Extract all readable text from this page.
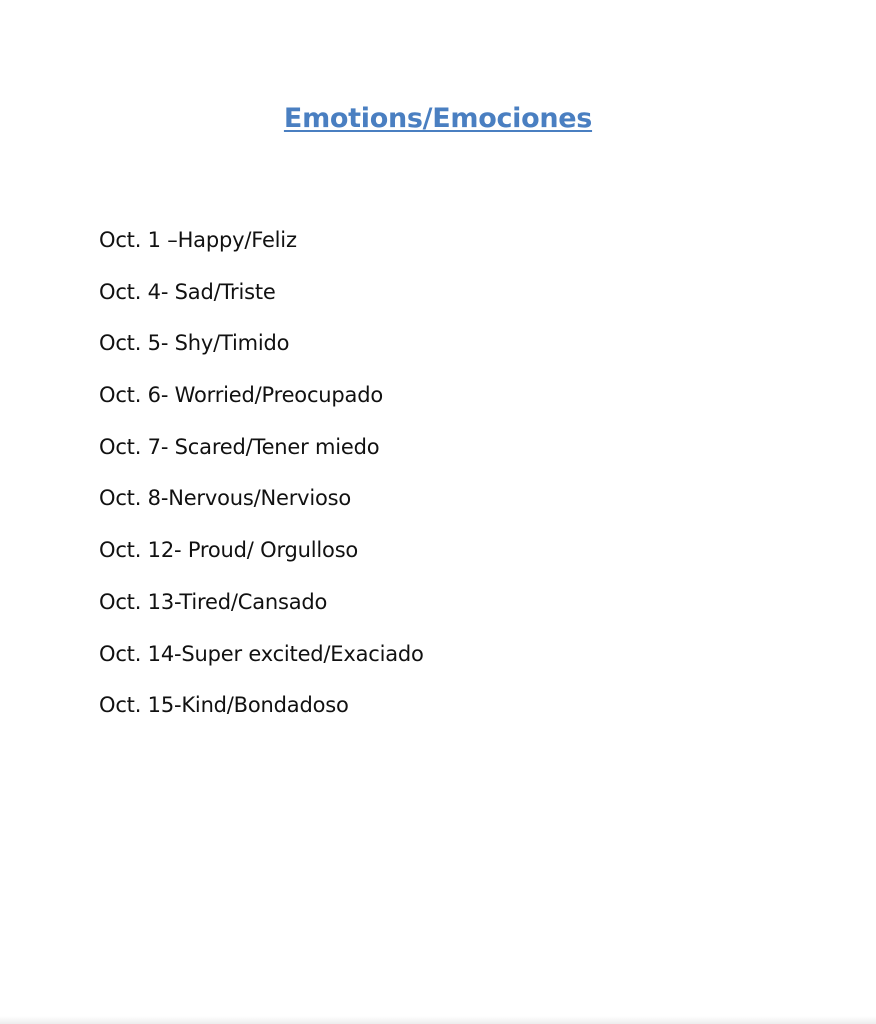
Emotions/Emociones
Oct. 1 –Happy/Feliz
Oct. 4- Sad/Triste
Oct. 5- Shy/Timido
Oct. 6- Worried/Preocupado
Oct. 7- Scared/Tener miedo
Oct. 8-Nervous/Nervioso
Oct. 12- Proud/ Orgulloso
Oct. 13-Tired/Cansado
Oct. 14-Super excited/Exaciado
Oct. 15-Kind/Bondadoso
